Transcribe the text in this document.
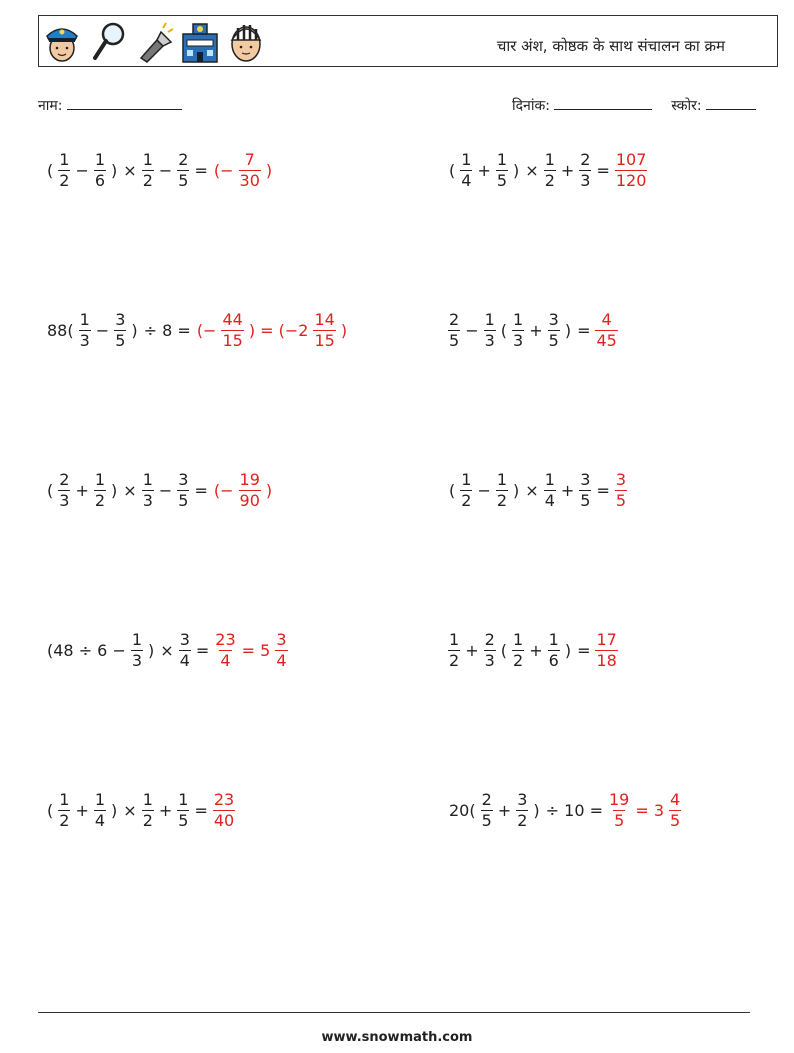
चार अंश, कोष्ठक के साथ संचालन का क्रम
नाम:	दिनांक:	स्कोर:
( $\frac{1}{2} - \frac{1}{6}$ ) × $\frac{1}{2} - \frac{2}{5}$ = (− $\frac{7}{30}$ )	( $\frac{1}{4} + \frac{1}{5}$ ) × $\frac{1}{2} + \frac{2}{3} = \frac{107}{120}$
$88( \frac{1}{3} - \frac{3}{5}$ ) ÷ 8 = (− $\frac{44}{15}$ ) = ($-2 \frac{14}{15}$ )	$\frac{2}{5} - \frac{1}{3}$ ( $\frac{1}{3} + \frac{3}{5}$ ) = $\frac{4}{45}$
( $\frac{2}{3} + \frac{1}{2}$ ) × $\frac{1}{3} - \frac{3}{5}$ = (− $\frac{19}{90}$ )	( $\frac{1}{2} - \frac{1}{2}$ ) × $\frac{1}{4} + \frac{3}{5} = \frac{3}{5}$
($48 \div 6 - \frac{1}{3}$ ) × $\frac{3}{4} = \frac{23}{4} = 5 \frac{3}{4}$	$\frac{1}{2} + \frac{2}{3}$ ( $\frac{1}{2} + \frac{1}{6}$ ) = $\frac{17}{18}$
( $\frac{1}{2} + \frac{1}{4}$ ) × $\frac{1}{2} + \frac{1}{5} = \frac{23}{40}$	$20( \frac{2}{5} + \frac{3}{2}$ ) ÷ $10 = \frac{19}{5} = 3 \frac{4}{5}$
www.snowmath.com
